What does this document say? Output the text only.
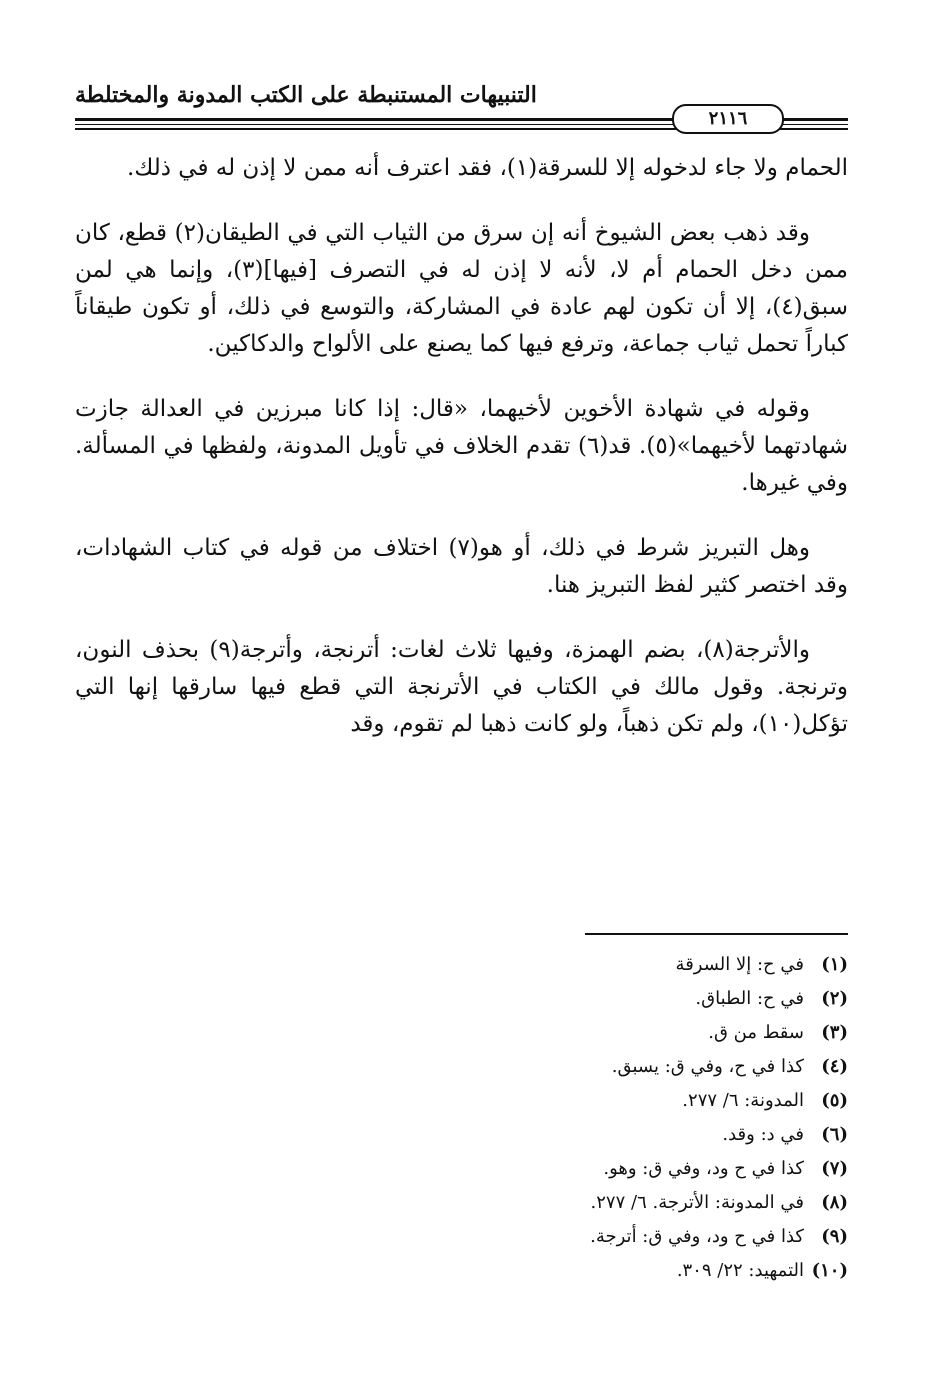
التنبيهات المستنبطة على الكتب المدونة والمختلطة
٢١١٦

الحمام ولا جاء لدخوله إلا للسرقة(١)، فقد اعترف أنه ممن لا إذن له في ذلك.

وقد ذهب بعض الشيوخ أنه إن سرق من الثياب التي في الطيقان(٢) قطع، كان ممن دخل الحمام أم لا، لأنه لا إذن له في التصرف [فيها](٣)، وإنما هي لمن سبق(٤)، إلا أن تكون لهم عادة في المشاركة، والتوسع في ذلك، أو تكون طيقاناً كباراً تحمل ثياب جماعة، وترفع فيها كما يصنع على الألواح والدكاكين.

وقوله في شهادة الأخوين لأخيهما، «قال: إذا كانا مبرزين في العدالة جازت شهادتهما لأخيهما»(٥). قد(٦) تقدم الخلاف في تأويل المدونة، ولفظها في المسألة. وفي غيرها.

وهل التبريز شرط في ذلك، أو هو(٧) اختلاف من قوله في كتاب الشهادات، وقد اختصر كثير لفظ التبريز هنا.

والأترجة(٨)، بضم الهمزة، وفيها ثلاث لغات: أترنجة، وأترجة(٩) بحذف النون، وترنجة. وقول مالك في الكتاب في الأترنجة التي قطع فيها سارقها إنها التي تؤكل(١٠)، ولم تكن ذهباً، ولو كانت ذهبا لم تقوم، وقد

(١)
في ح: إلا السرقة
(٢)
في ح: الطباق.
(٣)
سقط من ق.
(٤)
كذا في ح، وفي ق: يسبق.
(٥)
المدونة: ٦/ ٢٧٧.
(٦)
في د: وقد.
(٧)
كذا في ح ود، وفي ق: وهو.
(٨)
في المدونة: الأترجة. ٦/ ٢٧٧.
(٩)
كذا في ح ود، وفي ق: أترجة.
(١٠)
التمهيد: ٢٢/ ٣٠٩.
